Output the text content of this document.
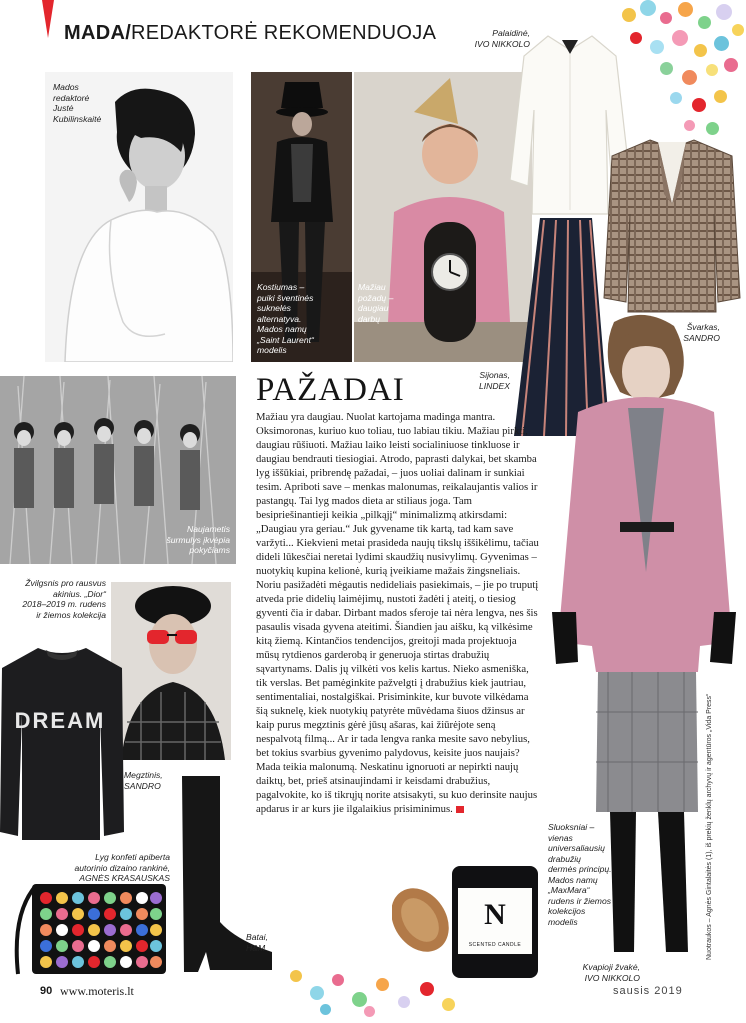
MADA/REDAKTORĖ REKOMENDUOJA
Mados
redaktorė
Justė
Kubilinskaitė
Kostiumas –
puiki šventinės
suknelės
alternatyva.
Mados namų
„Saint Laurent“
modelis
Mažiau
požadų –
daugiau
darbų
Palaidinė,
IVO NIKKOLO
Švarkas,
SANDRO
Sijonas,
LINDEX
Naujametis
šurmulys įkvėpia
pokyčiams
PAŽADAI

Mažiau yra daugiau. Nuolat kartojama madinga mantra. Oksimoronas, kuriuo kuo toliau, tuo labiau tikiu. Mažiau pirkti, daugiau rūšiuoti. Mažiau laiko leisti socialiniuose tinkluose ir daugiau bendrauti tiesiogiai. Atrodo, paprasti dalykai, bet skamba lyg iššūkiai, pribrendę pažadai, – juos uoliai dalinam ir sunkiai tesim. Apriboti save – menkas malonumas, reikalaujantis valios ir pastangų. Tai lyg mados dieta ar stiliaus joga. Tam besipriešinantieji keikia „pilkąjį“ minimalizmą atkirsdami: „Daugiau yra geriau.“ Juk gyvename tik kartą, tad kam save varžyti... Kiekvieni metai prasideda naujų tikslų iššikėlimu, tačiau dideli lūkesčiai neretai lydimi skaudžių nusivylimų. Gyvenimas – nuotykių kupina kelionė, kurią įveikiame mažais žingsneliais. Noriu pasižadėti mėgautis nedideliais pasiekimais, – jie po truputį atveda prie didelių laimėjimų, nustoti žadėti į ateitį, o tiesiog gyventi čia ir dabar. Dirbant mados sferoje tai nėra lengva, nes šis pasaulis visada gyvena ateitimi. Šiandien jau aišku, ką vilkėsime kitą žiemą. Kintančios tendencijos, greitoji mada projektuoja mūsų rytdienos garderobą ir generuoja stirtas drabužių sąvartynams. Dalis jų vilkėti vos kelis kartus. Nieko asmeniška, tik verslas. Bet pamėginkite pažvelgti į drabužius kiek jautriau, sentimentaliai, nostalgiškai. Prisiminkite, kur buvote vilkėdama šią suknelę, kiek nuotykių patyrėte mūvėdama šiuos džinsus ar kaip purus megztinis gėrė jūsų ašaras, kai žiūrėjote seną nespalvotą filmą... Ar ir tada lengva ranka mesite savo nebylius, bet tokius svarbius gyvenimo palydovus, keisite juos naujais? Mada teikia malonumą. Neskatinu ignoruoti ar nepirkti naujų daiktų, bet, prieš atsinaujindami ir keisdami drabužius, pagalvokite, ko iš tikrųjų norite atsisakyti, su kuo derinsite naujus apdarus ir ar kurs jie ilgalaikius prisiminimus.

Žvilgsnis pro rausvus
akinius. „Dior“
2018–2019 m. rudens
ir žiemos kolekcija
DREAM
Megztinis,
SANDRO
Batai,
H&M
Lyg konfeti apiberta
autorinio dizaino rankinė,
AGNĖS KRASAUSKAS
Sluoksniai –
vienas
universaliausių
drabužių
dermės principų.
Mados namų
„MaxMara“
rudens ir žiemos
kolekcijos
modelis
N
SCENTED CANDLE
Kvapioji žvakė,
IVO NIKKOLO
Nuotraukos – Agnės Gintalaitės (1), iš prekių ženklų archyvų ir agentūros „Vida Press“
90 www.moteris.lt	sausis 2019
